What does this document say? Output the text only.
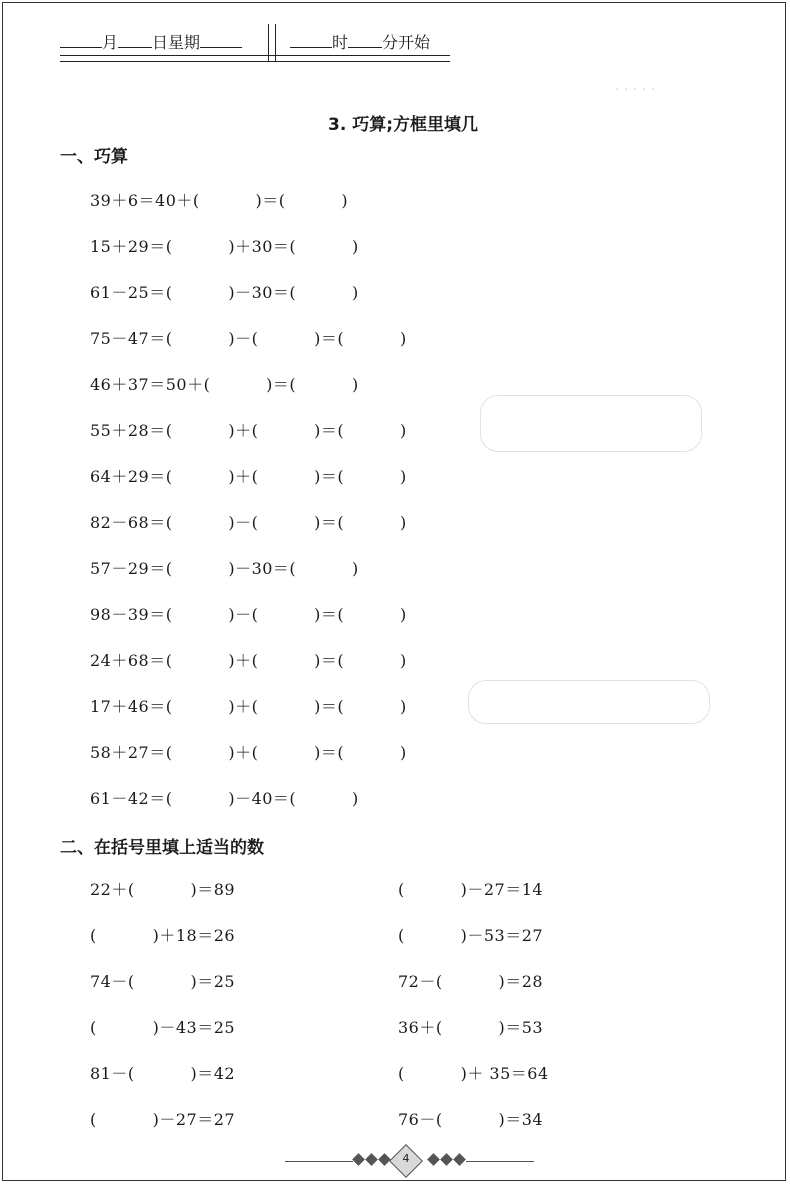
月 日星期	时 分开始
· · · · ·
3. 巧算;方框里填几
一、巧算
39＋6＝40＋(          )＝(          )
15＋29＝(          )＋30＝(          )
61－25＝(          )－30＝(          )
75－47＝(          )－(          )＝(          )
46＋37＝50＋(          )＝(          )
55＋28＝(          )＋(          )＝(          )
64＋29＝(          )＋(          )＝(          )
82－68＝(          )－(          )＝(          )
57－29＝(          )－30＝(          )
98－39＝(          )－(          )＝(          )
24＋68＝(          )＋(          )＝(          )
17＋46＝(          )＋(          )＝(          )
58＋27＝(          )＋(          )＝(          )
61－42＝(          )－40＝(          )
二、在括号里填上适当的数
22＋(          )＝89
(          )＋18＝26
74－(          )＝25
(          )－43＝25
81－(          )＝42
(          )－27＝27
(          )－27＝14
(          )－53＝27
72－(          )＝28
36＋(          )＝53
(          )＋ 35＝64
76－(          )＝34
4
